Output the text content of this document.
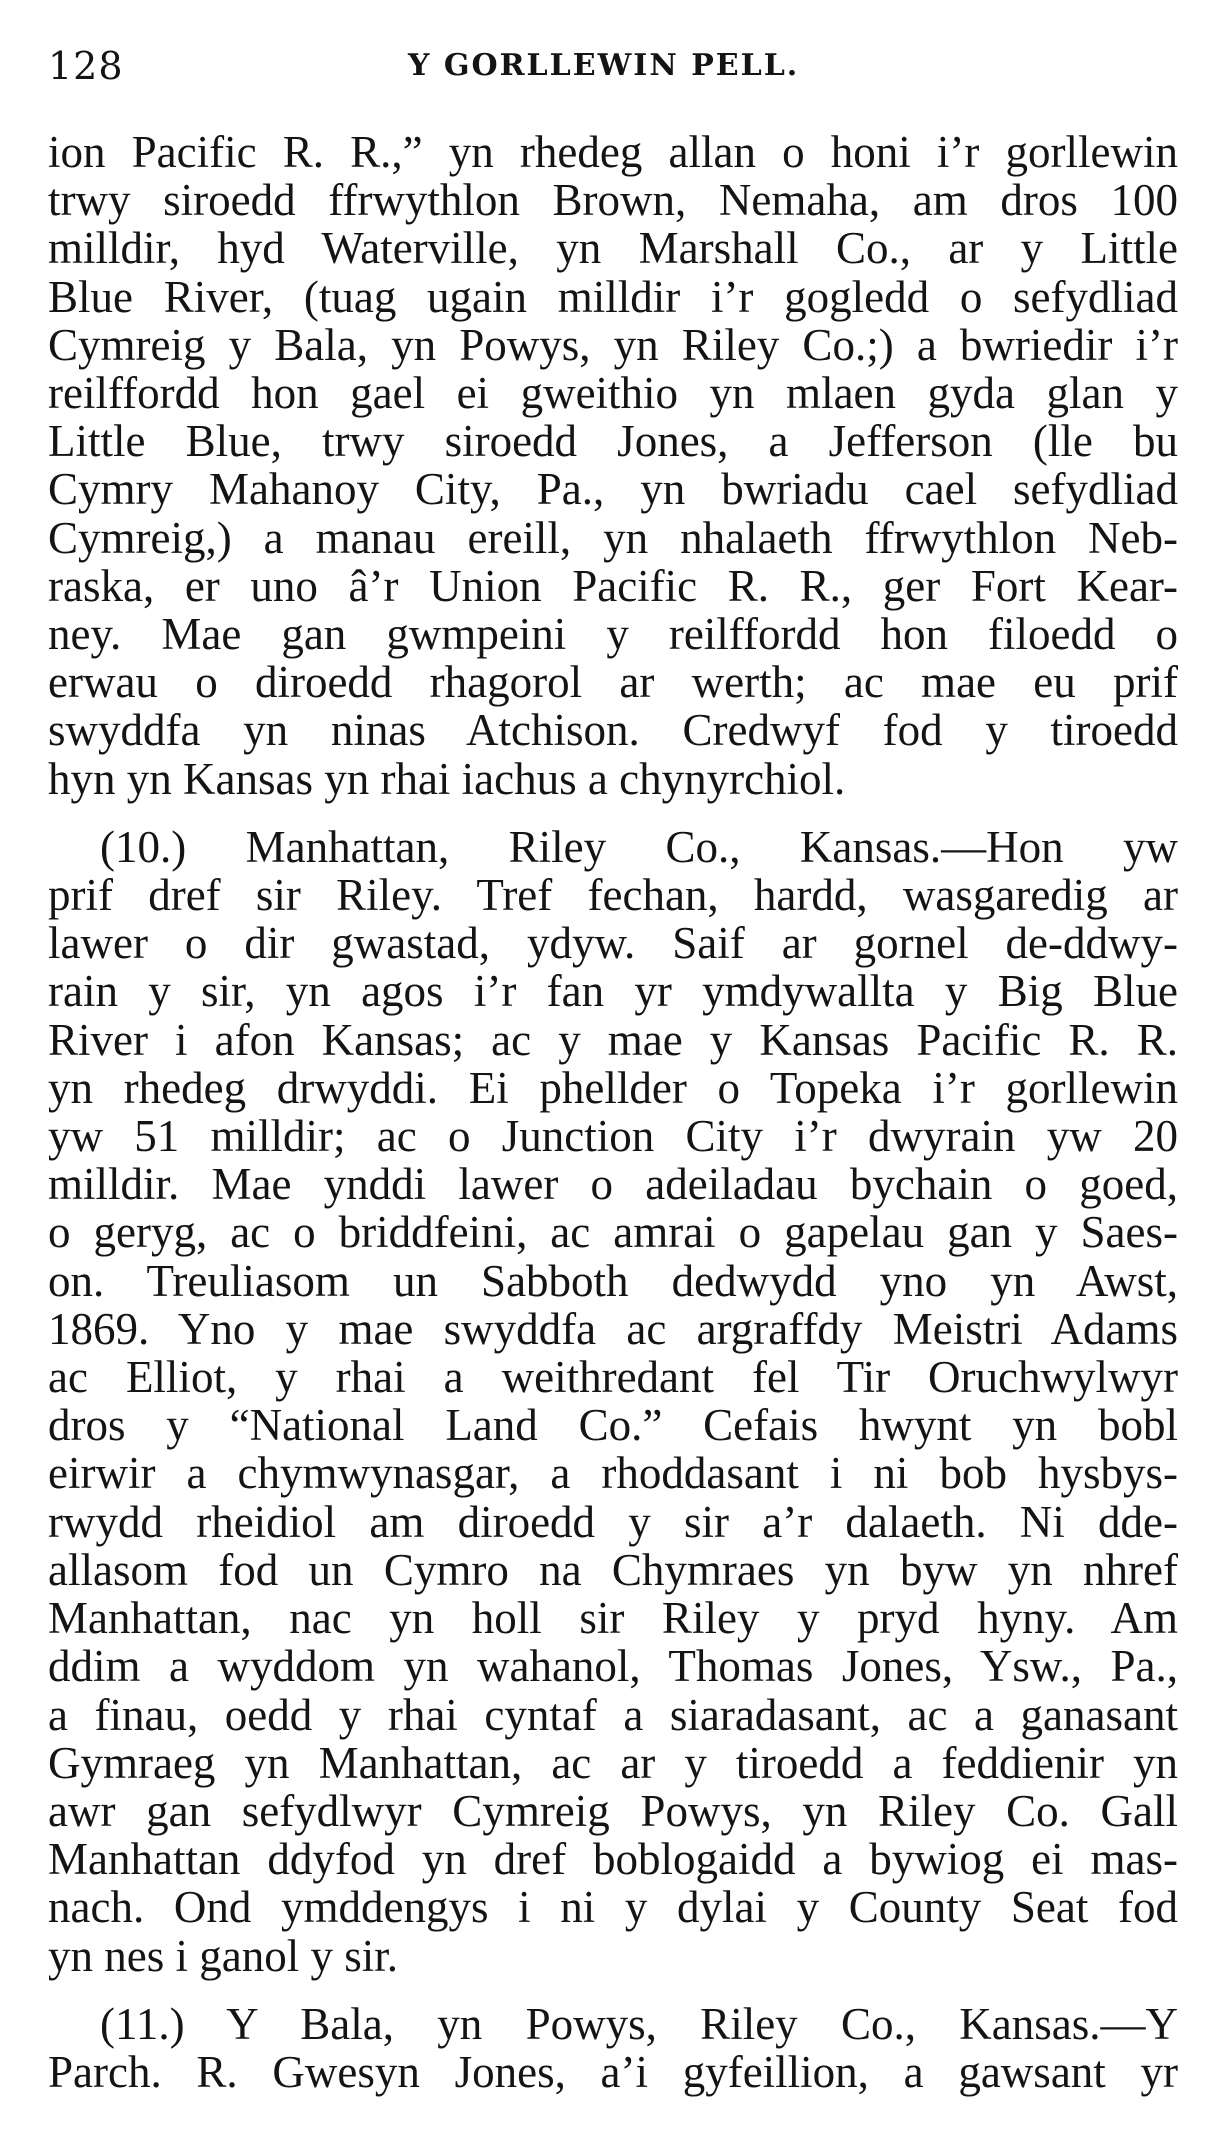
128	Y GORLLEWIN PELL.
ion Pacific R. R.,” yn rhedeg allan o honi i’r gorllewin
trwy siroedd ffrwythlon Brown, Nemaha, am dros 100
milldir, hyd Waterville, yn Marshall Co., ar y Little
Blue River, (tuag ugain milldir i’r gogledd o sefydliad
Cymreig y Bala, yn Powys, yn Riley Co.;) a bwriedir i’r
reilffordd hon gael ei gweithio yn mlaen gyda glan y
Little Blue, trwy siroedd Jones, a Jefferson (lle bu
Cymry Mahanoy City, Pa., yn bwriadu cael sefydliad
Cymreig,) a manau ereill, yn nhalaeth ffrwythlon Neb-
raska, er uno â’r Union Pacific R. R., ger Fort Kear-
ney. Mae gan gwmpeini y reilffordd hon filoedd o
erwau o diroedd rhagorol ar werth; ac mae eu prif
swyddfa yn ninas Atchison. Credwyf fod y tiroedd
hyn yn Kansas yn rhai iachus a chynyrchiol.
(10.) Manhattan, Riley Co., Kansas.—Hon yw
prif dref sir Riley. Tref fechan, hardd, wasgaredig ar
lawer o dir gwastad, ydyw. Saif ar gornel de-ddwy-
rain y sir, yn agos i’r fan yr ymdywallta y Big Blue
River i afon Kansas; ac y mae y Kansas Pacific R. R.
yn rhedeg drwyddi. Ei phellder o Topeka i’r gorllewin
yw 51 milldir; ac o Junction City i’r dwyrain yw 20
milldir. Mae ynddi lawer o adeiladau bychain o goed,
o geryg, ac o briddfeini, ac amrai o gapelau gan y Saes-
on. Treuliasom un Sabboth dedwydd yno yn Awst,
1869. Yno y mae swyddfa ac argraffdy Meistri Adams
ac Elliot, y rhai a weithredant fel Tir Oruchwylwyr
dros y “National Land Co.” Cefais hwynt yn bobl
eirwir a chymwynasgar, a rhoddasant i ni bob hysbys-
rwydd rheidiol am diroedd y sir a’r dalaeth. Ni dde-
allasom fod un Cymro na Chymraes yn byw yn nhref
Manhattan, nac yn holl sir Riley y pryd hyny. Am
ddim a wyddom yn wahanol, Thomas Jones, Ysw., Pa.,
a finau, oedd y rhai cyntaf a siaradasant, ac a ganasant
Gymraeg yn Manhattan, ac ar y tiroedd a feddienir yn
awr gan sefydlwyr Cymreig Powys, yn Riley Co. Gall
Manhattan ddyfod yn dref boblogaidd a bywiog ei mas-
nach. Ond ymddengys i ni y dylai y County Seat fod
yn nes i ganol y sir.
(11.) Y Bala, yn Powys, Riley Co., Kansas.—Y
Parch. R. Gwesyn Jones, a’i gyfeillion, a gawsant yr
